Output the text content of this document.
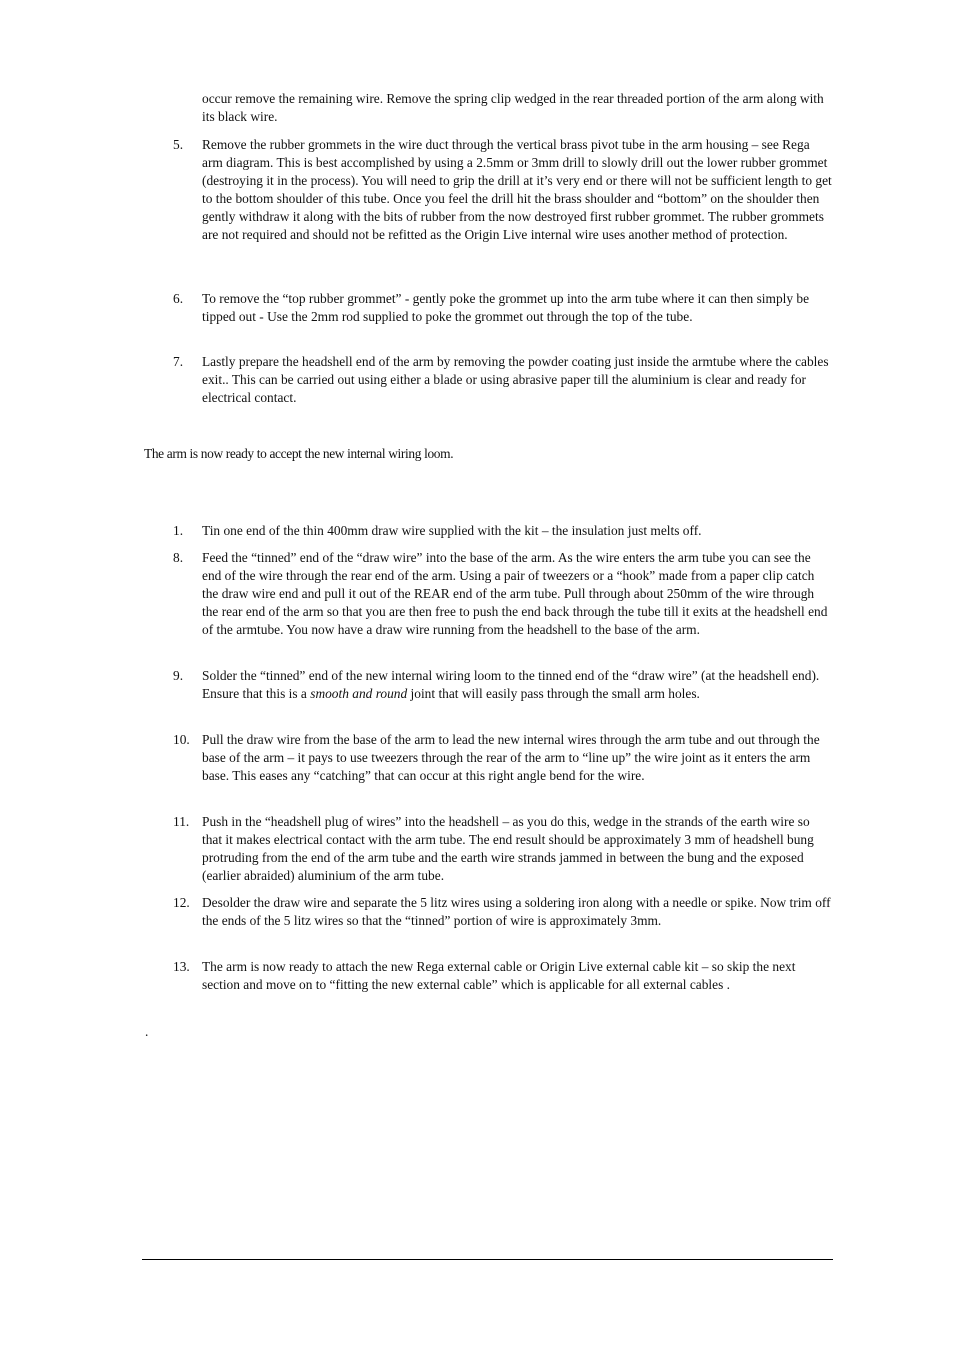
occur remove the remaining wire. Remove the spring clip wedged in the rear threaded portion of the arm along with its black wire.
5.	Remove the rubber grommets in the wire duct through the vertical brass pivot tube in the arm housing – see Rega arm diagram. This is best accomplished by using a 2.5mm or 3mm drill to slowly drill out the lower rubber grommet (destroying it in the process). You will need to grip the drill at it’s very end or there will not be sufficient length to get to the bottom shoulder of this tube. Once you feel the drill hit the brass shoulder and “bottom” on the shoulder then gently withdraw it along with the bits of rubber from the now destroyed first rubber grommet. The rubber grommets are not required and should not be refitted as the Origin Live internal wire uses another method of protection.
6.	To remove the “top rubber grommet” - gently poke the grommet up into the arm tube where it can then simply be tipped out - Use the 2mm rod supplied to poke the grommet out through the top of the tube.
7.	Lastly prepare the headshell end of the arm by removing the powder coating just inside the armtube where the cables exit.. This can be carried out using either a blade or using abrasive paper till the aluminium is clear and ready for electrical contact.
The arm is now ready to accept the new internal wiring loom.
1.	Tin one end of the thin 400mm draw wire supplied with the kit – the insulation just melts off.
8.	Feed the “tinned” end of the “draw wire” into the base of the arm. As the wire enters the arm tube you can see the end of the wire through the rear end of the arm. Using a pair of tweezers or a “hook” made from a paper clip catch the draw wire end and pull it out of the REAR end of the arm tube. Pull through about 250mm of the wire through the rear end of the arm so that you are then free to push the end back through the tube till it exits at the headshell end of the armtube. You now have a draw wire running from the headshell to the base of the arm.
9.	Solder the “tinned” end of the new internal wiring loom to the tinned end of the “draw wire” (at the headshell end). Ensure that this is a smooth and round joint that will easily pass through the small arm holes.
10. Pull the draw wire from the base of the arm to lead the new internal wires through the arm tube and out through the base of the arm – it pays to use tweezers through the rear of the arm to “line up” the wire joint as it enters the arm base. This eases any “catching” that can occur at this right angle bend for the wire.
11. Push in the “headshell plug of wires” into the headshell – as you do this, wedge in the strands of the earth wire so that it makes electrical contact with the arm tube. The end result should be approximately 3 mm of headshell bung protruding from the end of the arm tube and the earth wire strands jammed in between the bung and the exposed (earlier abraided) aluminium of the arm tube.
12. Desolder the draw wire and separate the 5 litz wires using a soldering iron along with a needle or spike. Now trim off the ends of the 5 litz wires so that the “tinned” portion of wire is approximately 3mm.
13. The arm is now ready to attach the new Rega external cable or Origin Live external cable kit – so skip the next section and move on to “fitting the new external cable” which is applicable for all external cables .
.
